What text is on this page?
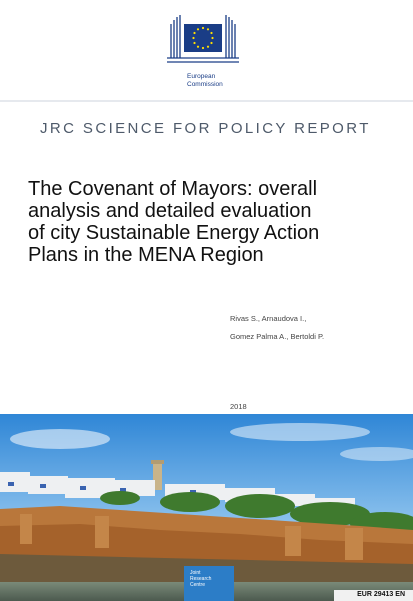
European
Commission
JRC SCIENCE FOR POLICY REPORT
The Covenant of Mayors: overall
analysis and detailed evaluation
of city Sustainable Energy Action
Plans in the MENA Region
Rivas S., Arnaudova I.,
Gomez Palma A., Bertoldi P.
2018
Joint
Research
Centre
EUR 29413 EN
